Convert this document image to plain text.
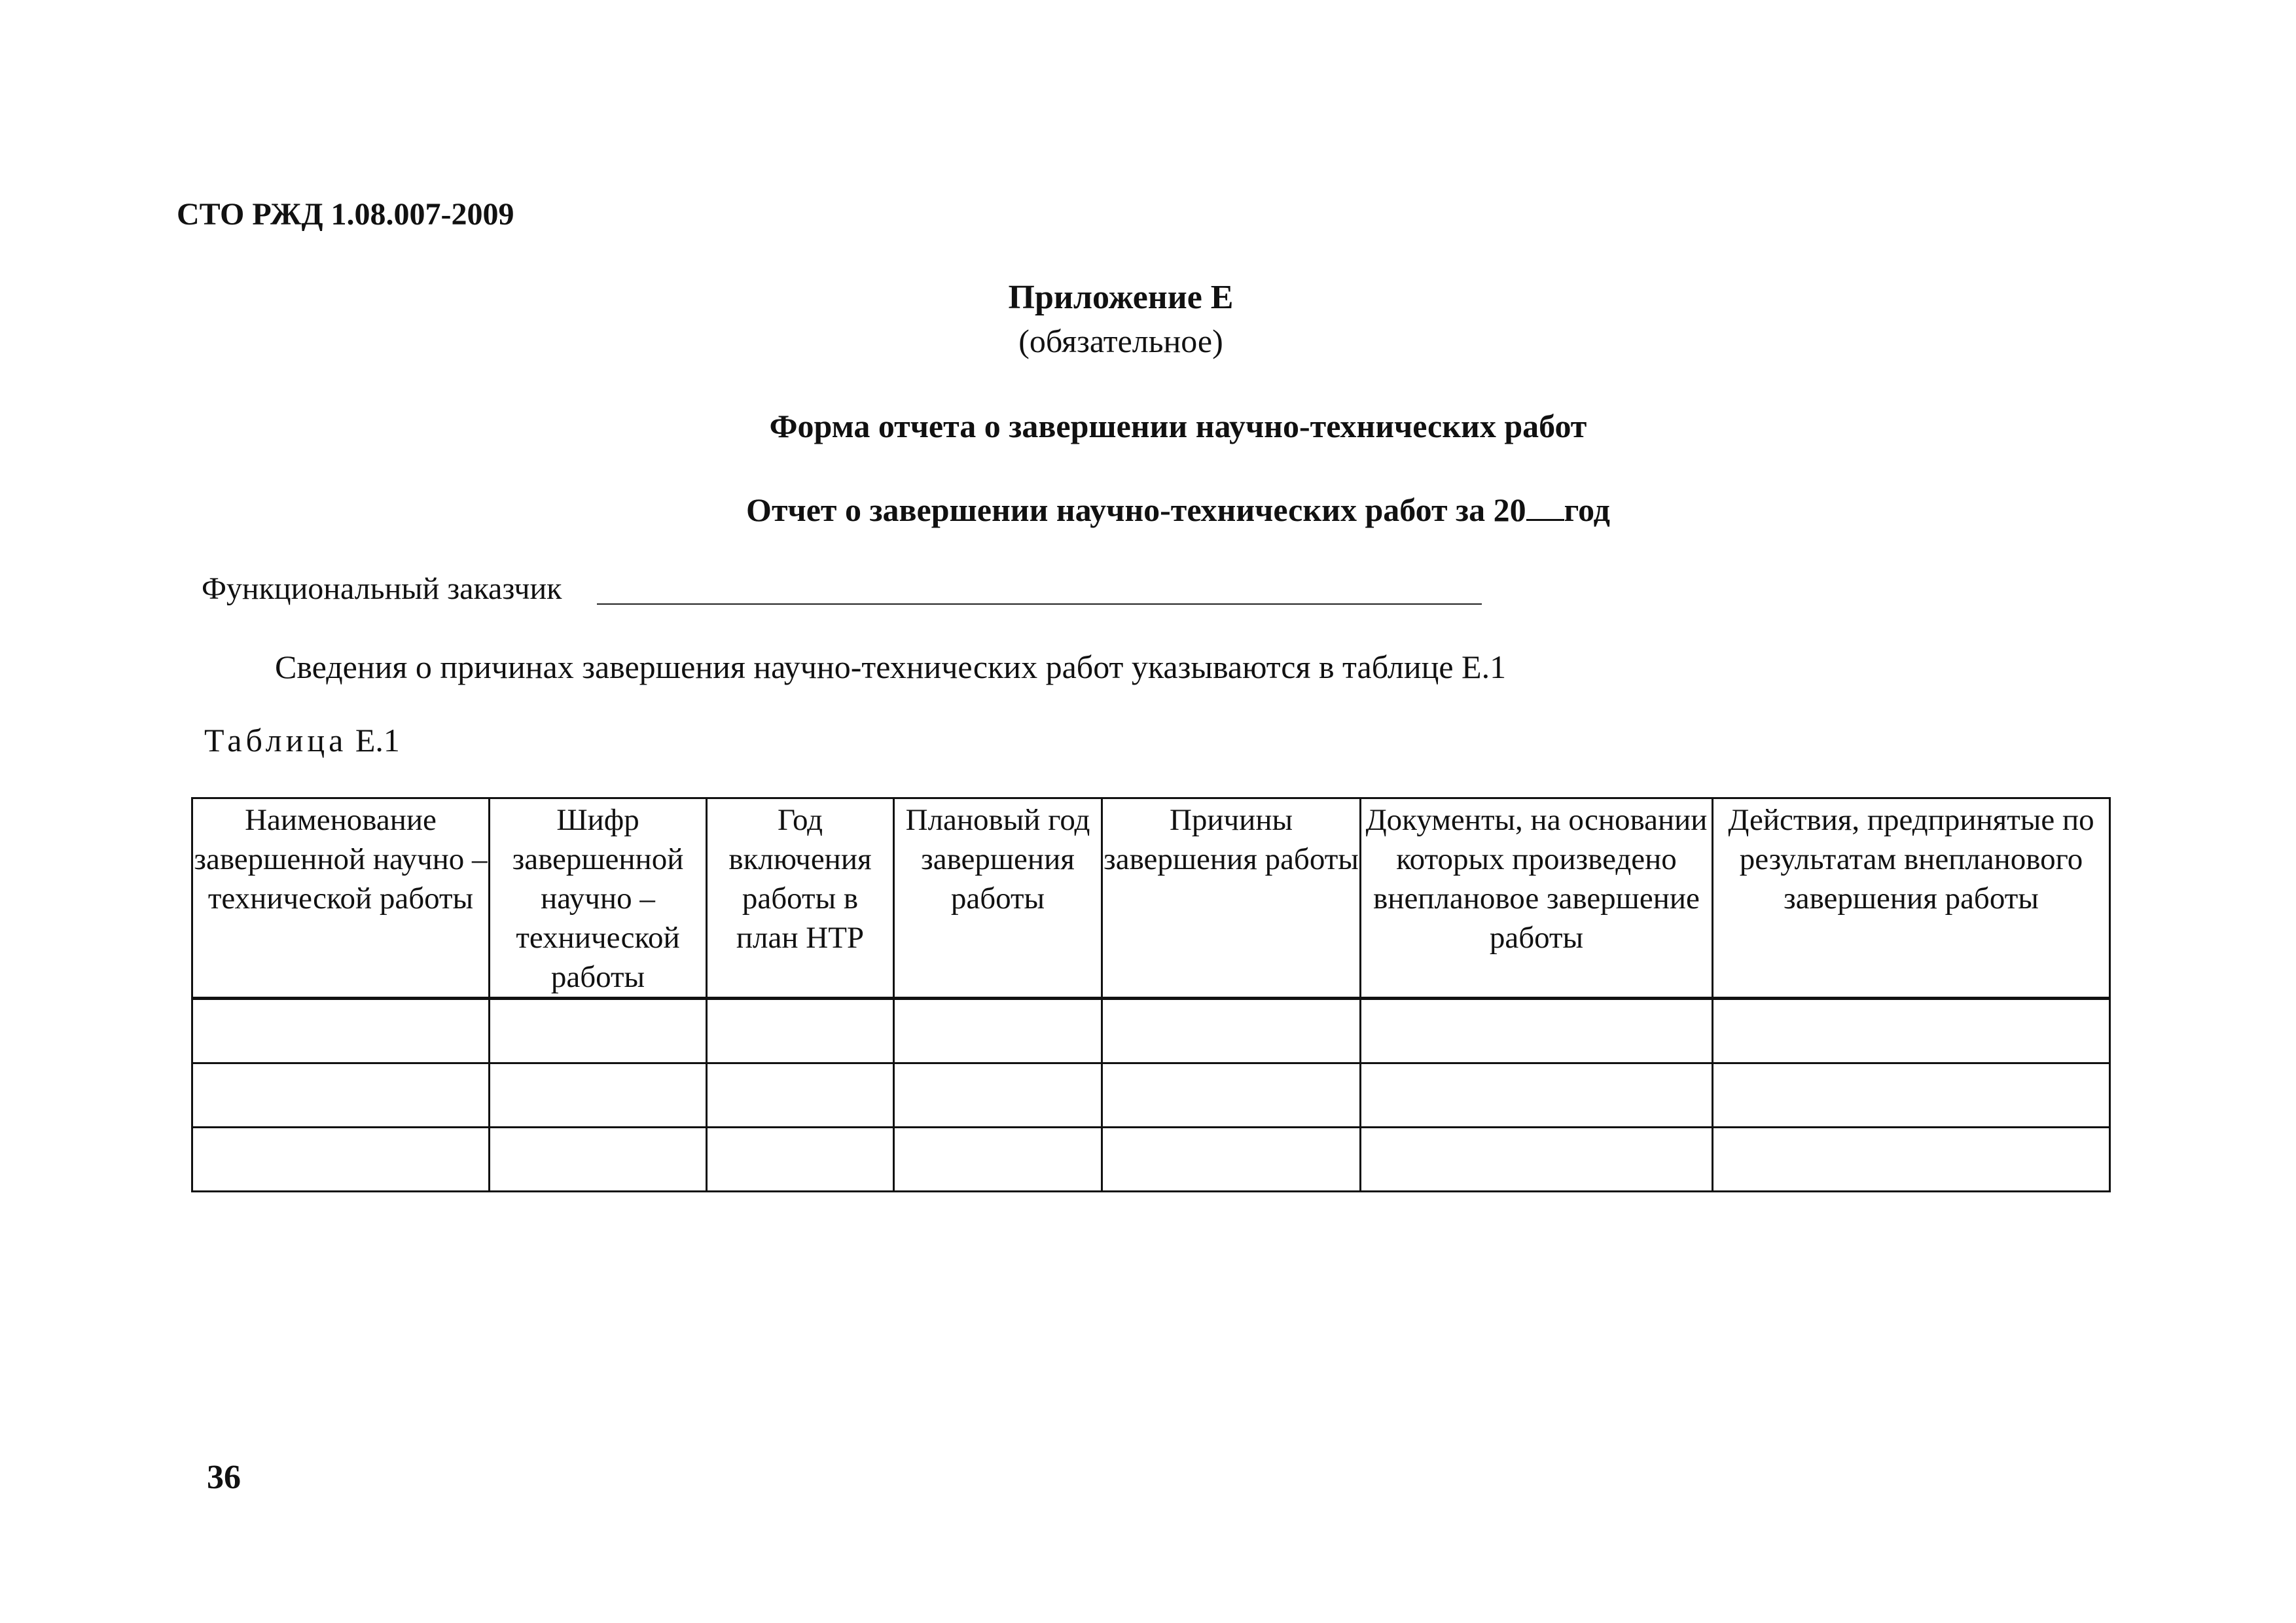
СТО РЖД 1.08.007-2009
Приложение Е
(обязательное)
Форма отчета о завершении научно-технических работ
Отчет о завершении научно-технических работ за 20 год
Функциональный заказчик
Сведения о причинах завершения научно-технических работ указываются в таблице Е.1
Таблица Е.1
Наименование завершенной научно – технической работы	Шифр завершенной научно – технической работы	Год включения работы в план НТР	Плановый год завершения работы	Причины завершения работы	Документы, на основании которых произведено внеплановое завершение работы	Действия, предпринятые по результатам внепланового завершения работы

36
